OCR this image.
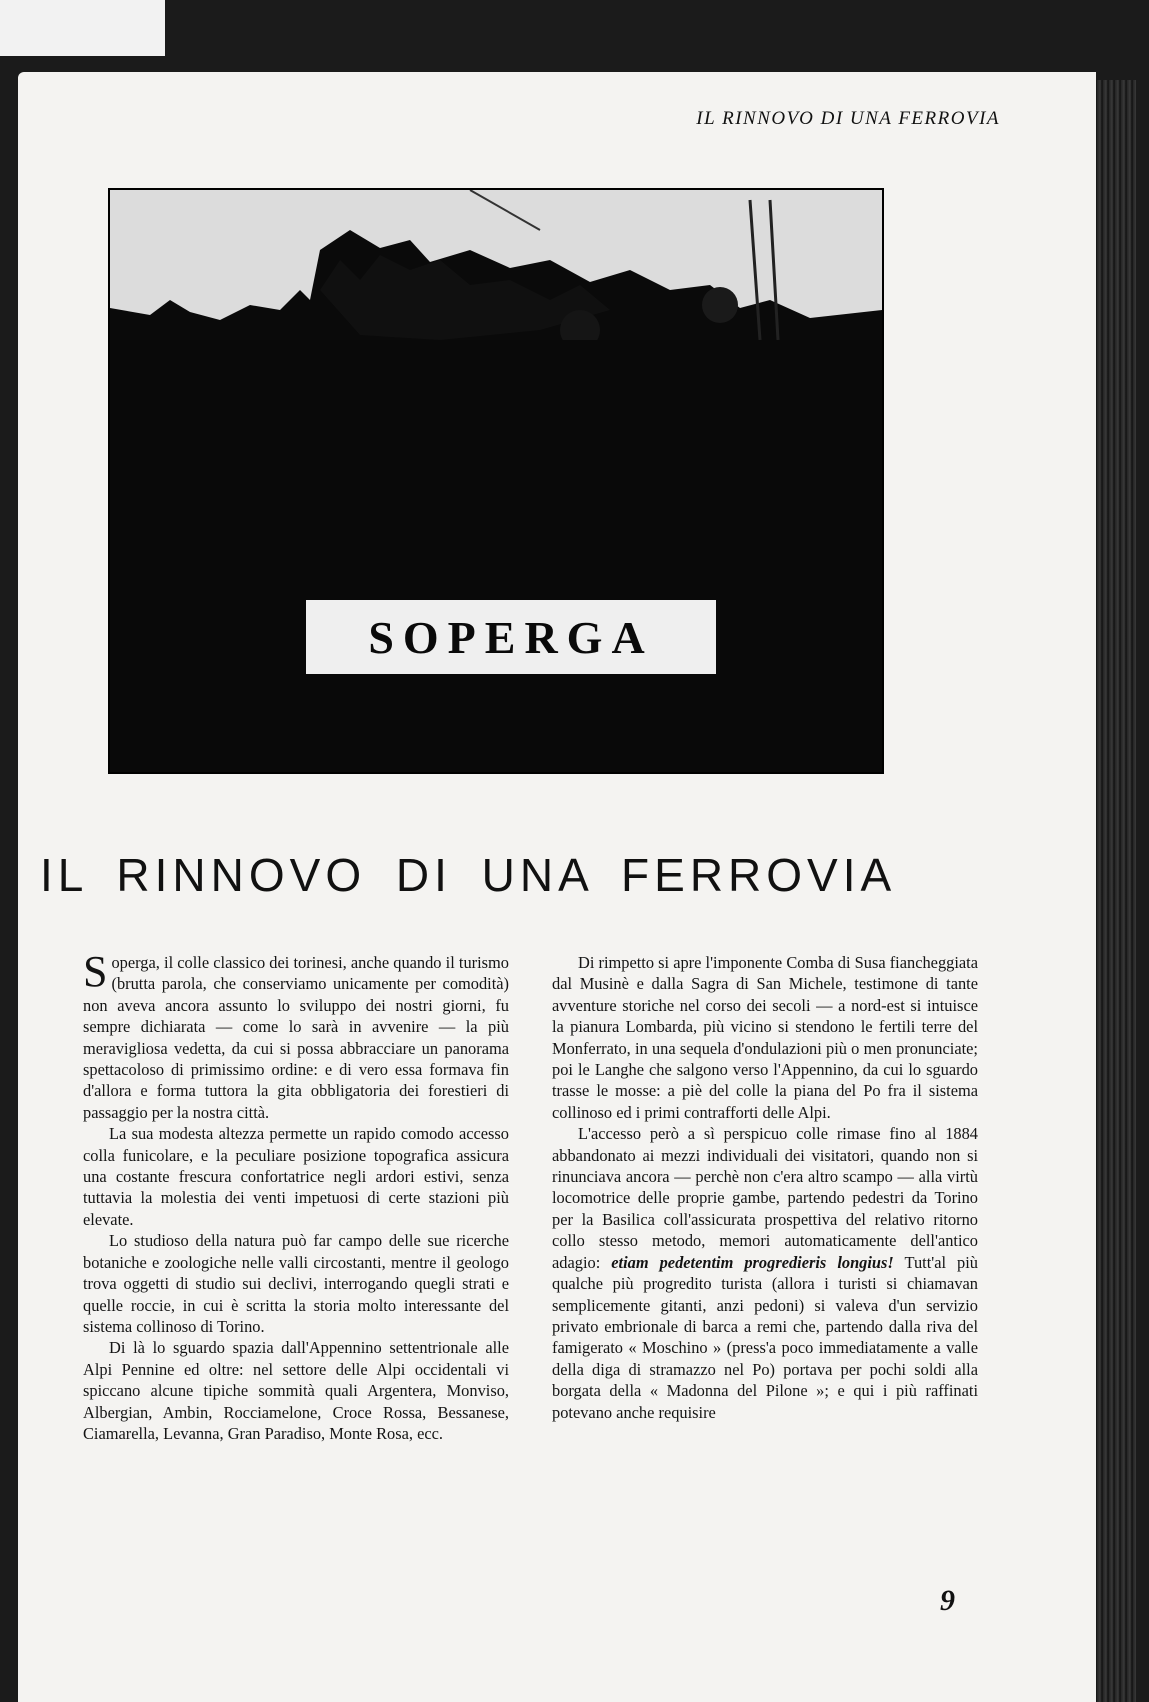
IL RINNOVO DI UNA FERROVIA
SOPERGA
IL RINNOVO DI UNA FERROVIA

Soperga, il colle classico dei torinesi, anche quando il turismo (brutta parola, che conserviamo unicamente per comodità) non aveva ancora assunto lo sviluppo dei nostri giorni, fu sempre dichiarata — come lo sarà in avvenire — la più meravigliosa vedetta, da cui si possa abbracciare un panorama spettacoloso di primissimo ordine: e di vero essa formava fin d'allora e forma tuttora la gita obbligatoria dei forestieri di passaggio per la nostra città.

La sua modesta altezza permette un rapido comodo accesso colla funicolare, e la peculiare posizione topografica assicura una costante frescura confortatrice negli ardori estivi, senza tuttavia la molestia dei venti impetuosi di certe stazioni più elevate.

Lo studioso della natura può far campo delle sue ricerche botaniche e zoologiche nelle valli circostanti, mentre il geologo trova oggetti di studio sui declivi, interrogando quegli strati e quelle roccie, in cui è scritta la storia molto interessante del sistema collinoso di Torino.

Di là lo sguardo spazia dall'Appennino settentrionale alle Alpi Pennine ed oltre: nel settore delle Alpi occidentali vi spiccano alcune tipiche sommità quali Argentera, Monviso, Albergian, Ambin, Rocciamelone, Croce Rossa, Bessanese, Ciamarella, Levanna, Gran Paradiso, Monte Rosa, ecc.

Di rimpetto si apre l'imponente Comba di Susa fiancheggiata dal Musinè e dalla Sagra di San Michele, testimone di tante avventure storiche nel corso dei secoli — a nord-est si intuisce la pianura Lombarda, più vicino si stendono le fertili terre del Monferrato, in una sequela d'ondulazioni più o men pronunciate; poi le Langhe che salgono verso l'Appennino, da cui lo sguardo trasse le mosse: a piè del colle la piana del Po fra il sistema collinoso ed i primi contrafforti delle Alpi.

L'accesso però a sì perspicuo colle rimase fino al 1884 abbandonato ai mezzi individuali dei visitatori, quando non si rinunciava ancora — perchè non c'era altro scampo — alla virtù locomotrice delle proprie gambe, partendo pedestri da Torino per la Basilica coll'assicurata prospettiva del relativo ritorno collo stesso metodo, memori automaticamente dell'antico adagio: etiam pedetentim progredieris longius! Tutt'al più qualche più progredito turista (allora i turisti si chiamavan semplicemente gitanti, anzi pedoni) si valeva d'un servizio privato embrionale di barca a remi che, partendo dalla riva del famigerato « Moschino » (press'a poco immediatamente a valle della diga di stramazzo nel Po) portava per pochi soldi alla borgata della « Madonna del Pilone »; e qui i più raffinati potevano anche requisire

9
